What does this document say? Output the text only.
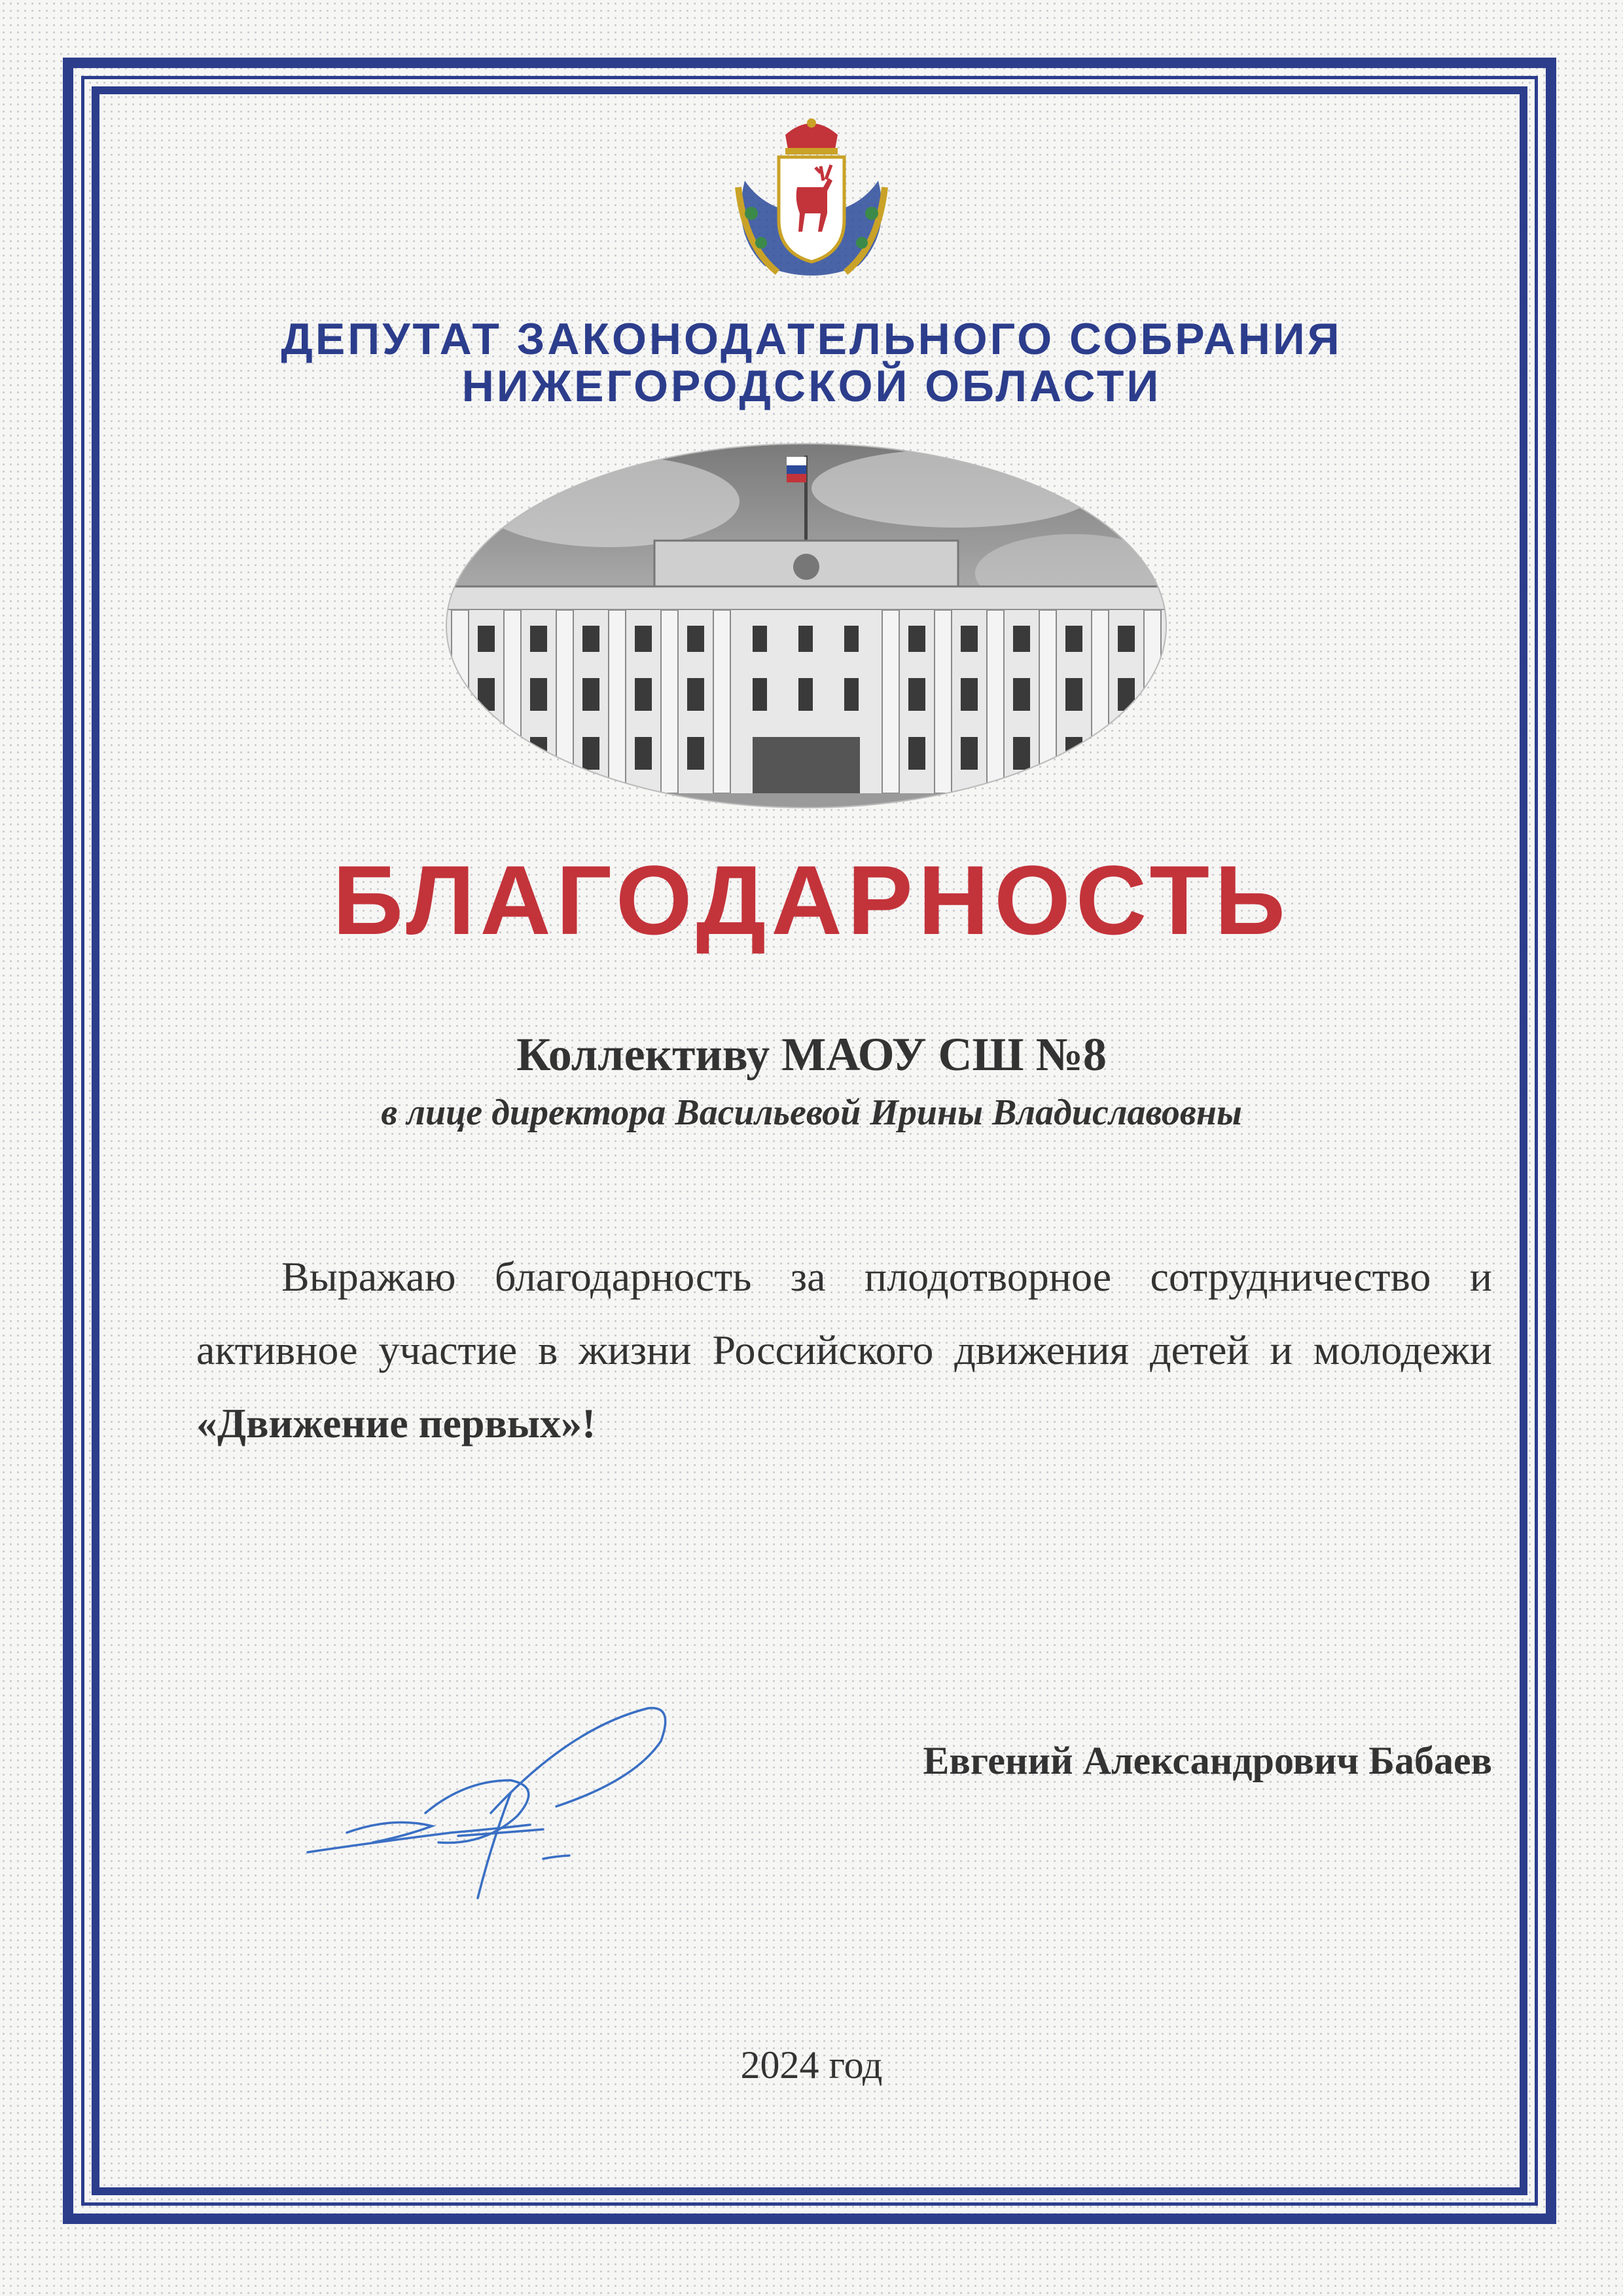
ДЕПУТАТ ЗАКОНОДАТЕЛЬНОГО СОБРАНИЯ
НИЖЕГОРОДСКОЙ ОБЛАСТИ
БЛАГОДАРНОСТЬ

Коллективу МАОУ СШ №8

в лице директора Васильевой Ирины Владиславовны

Выражаю благодарность за плодотворное сотрудничество и активное участие в жизни Российского движения детей и молодежи «Движение первых»!

Евгений Александрович Бабаев

2024 год
